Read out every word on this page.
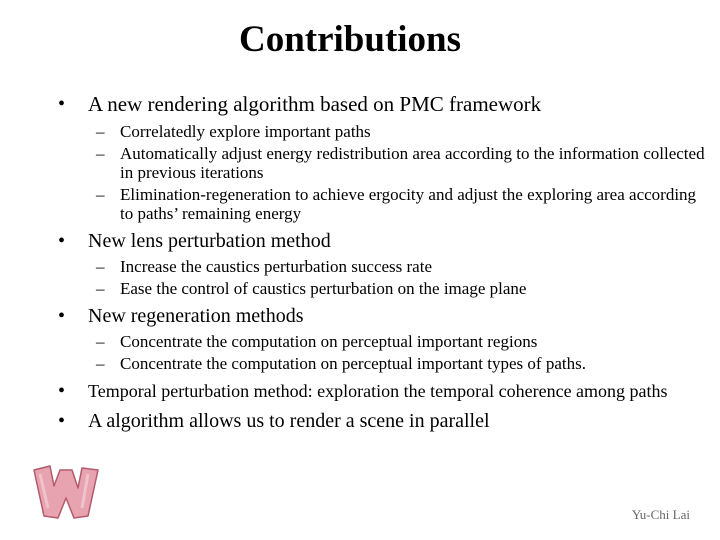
Contributions
• A new rendering algorithm based on PMC framework
– Correlatedly explore important paths
– Automatically adjust energy redistribution area according to the information collected in previous iterations
– Elimination-regeneration to achieve ergocity and adjust the exploring area according to paths’ remaining energy
• New lens perturbation method
– Increase the caustics perturbation success rate
– Ease the control of caustics perturbation on the image plane
• New regeneration methods
– Concentrate the computation on perceptual important regions
– Concentrate the computation on perceptual important types of paths.
• Temporal perturbation method: exploration the temporal coherence among paths
• A algorithm allows us to render a scene in parallel
Yu-Chi Lai
